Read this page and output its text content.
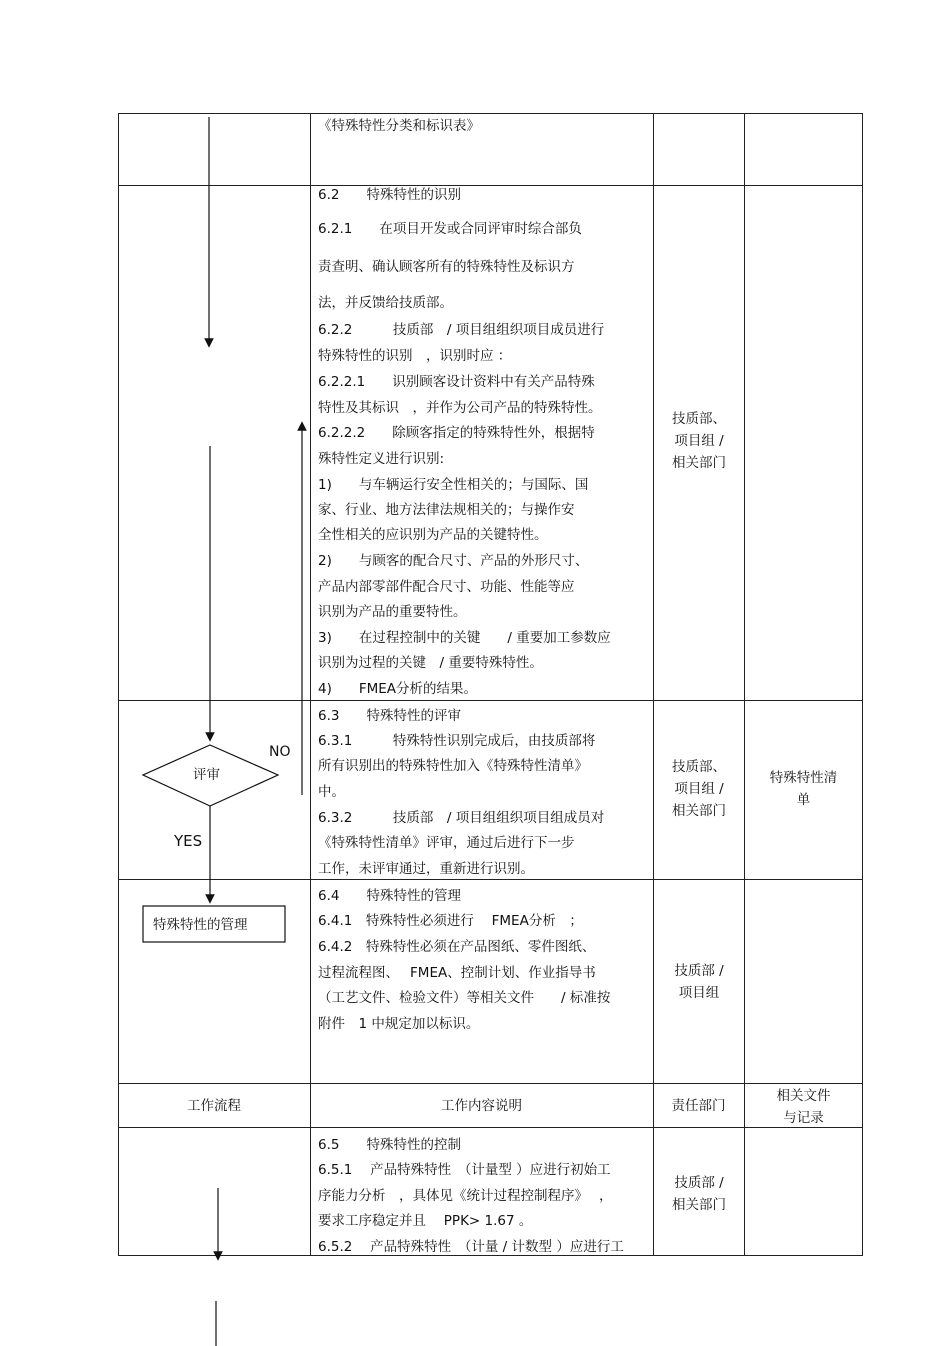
评审
NO
YES
特殊特性的管理
《特殊特性分类和标识表》
6.2　　特殊特性的识别
6.2.1　　在项目开发或合同评审时综合部负
责查明、确认顾客所有的特殊特性及标识方
法，并反馈给技质部。
6.2.2　　　技质部　/ 项目组组织项目成员进行
特殊特性的识别　，识别时应 ：
6.2.2.1　　识别顾客设计资料中有关产品特殊
特性及其标识　，并作为公司产品的特殊特性。
6.2.2.2　　除顾客指定的特殊特性外，根据特
殊特性定义进行识别:
1)　　与车辆运行安全性相关的；与国际、国
家、行业、地方法律法规相关的；与操作安
全性相关的应识别为产品的关键特性。
2)　　与顾客的配合尺寸、产品的外形尺寸、
产品内部零部件配合尺寸、功能、性能等应
识别为产品的重要特性。
3)　　在过程控制中的关键　　/ 重要加工参数应
识别为过程的关键　/ 重要特殊特性。
4)　　FMEA分析的结果。
技质部、
项目组 /
相关部门
6.3　　特殊特性的评审
6.3.1　　　特殊特性识别完成后，由技质部将
所有识别出的特殊特性加入《特殊特性清单》
中。
6.3.2　　　技质部　/ 项目组组织项目组成员对
《特殊特性清单》评审，通过后进行下一步
工作，未评审通过，重新进行识别。
技质部、
项目组 /
相关部门
特殊特性清
单
6.4　　特殊特性的管理
6.4.1　特殊特性必须进行　 FMEA分析　；
6.4.2　特殊特性必须在产品图纸、零件图纸、
过程流程图、　 FMEA、控制计划、作业指导书
（工艺文件、检验文件）等相关文件　　/ 标准按
附件　1 中规定加以标识。
技质部 /
项目组
工作流程	工作内容说明	责任部门
相关文件
与记录
6.5　　特殊特性的控制
6.5.1　 产品特殊特性　（计量型 ）应进行初始工
序能力分析　，具体见《统计过程控制程序》　 ，
要求工序稳定并且　 PPK> 1.67 。
6.5.2　 产品特殊特性　（计量 / 计数型 ）应进行工
技质部 /
相关部门
